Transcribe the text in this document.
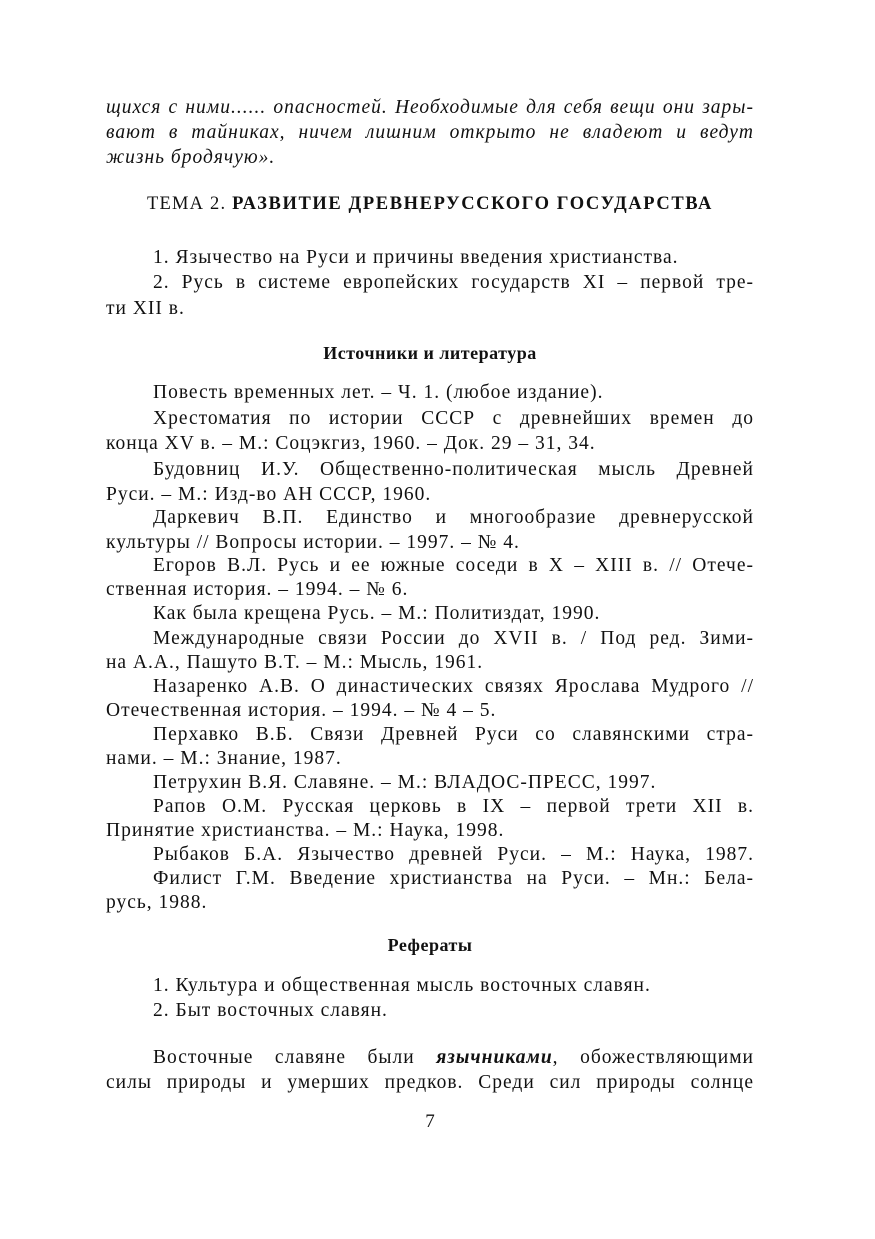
щихся с ними...... опасностей. Необходимые для себя вещи они зары-
вают в тайниках, ничем лишним открыто не владеют и ведут
жизнь бродячую».
ТЕМА 2. РАЗВИТИЕ ДРЕВНЕРУССКОГО ГОСУДАРСТВА
1. Язычество на Руси и причины введения христианства.
2. Русь в системе европейских государств XI – первой тре-
ти XII в.
Источники и литература
Повесть временных лет. – Ч. 1. (любое издание).
Хрестоматия по истории СССР с древнейших времен до
конца XV в. – М.: Соцэкгиз, 1960. – Док. 29 – 31, 34.
Будовниц И.У. Общественно-политическая мысль Древней
Руси. – М.: Изд-во АН СССР, 1960.
Даркевич В.П. Единство и многообразие древнерусской
культуры // Вопросы истории. – 1997. – № 4.
Егоров В.Л. Русь и ее южные соседи в X – XIII в. // Отече-
ственная история. – 1994. – № 6.
Как была крещена Русь. – М.: Политиздат, 1990.
Международные связи России до XVII в. / Под ред. Зими-
на А.А., Пашуто В.Т. – М.: Мысль, 1961.
Назаренко А.В. О династических связях Ярослава Мудрого //
Отечественная история. – 1994. – № 4 – 5.
Перхавко В.Б. Связи Древней Руси со славянскими стра-
нами. – М.: Знание, 1987.
Петрухин В.Я. Славяне. – М.: ВЛАДОС-ПРЕСС, 1997.
Рапов О.М. Русская церковь в IX – первой трети XII в.
Принятие христианства. – М.: Наука, 1998.
Рыбаков Б.А. Язычество древней Руси. – М.: Наука, 1987.
Филист Г.М. Введение христианства на Руси. – Мн.: Бела-
русь, 1988.
Рефераты
1. Культура и общественная мысль восточных славян.
2. Быт восточных славян.
Восточные славяне были язычниками, обожествляющими
силы природы и умерших предков. Среди сил природы солнце
7
